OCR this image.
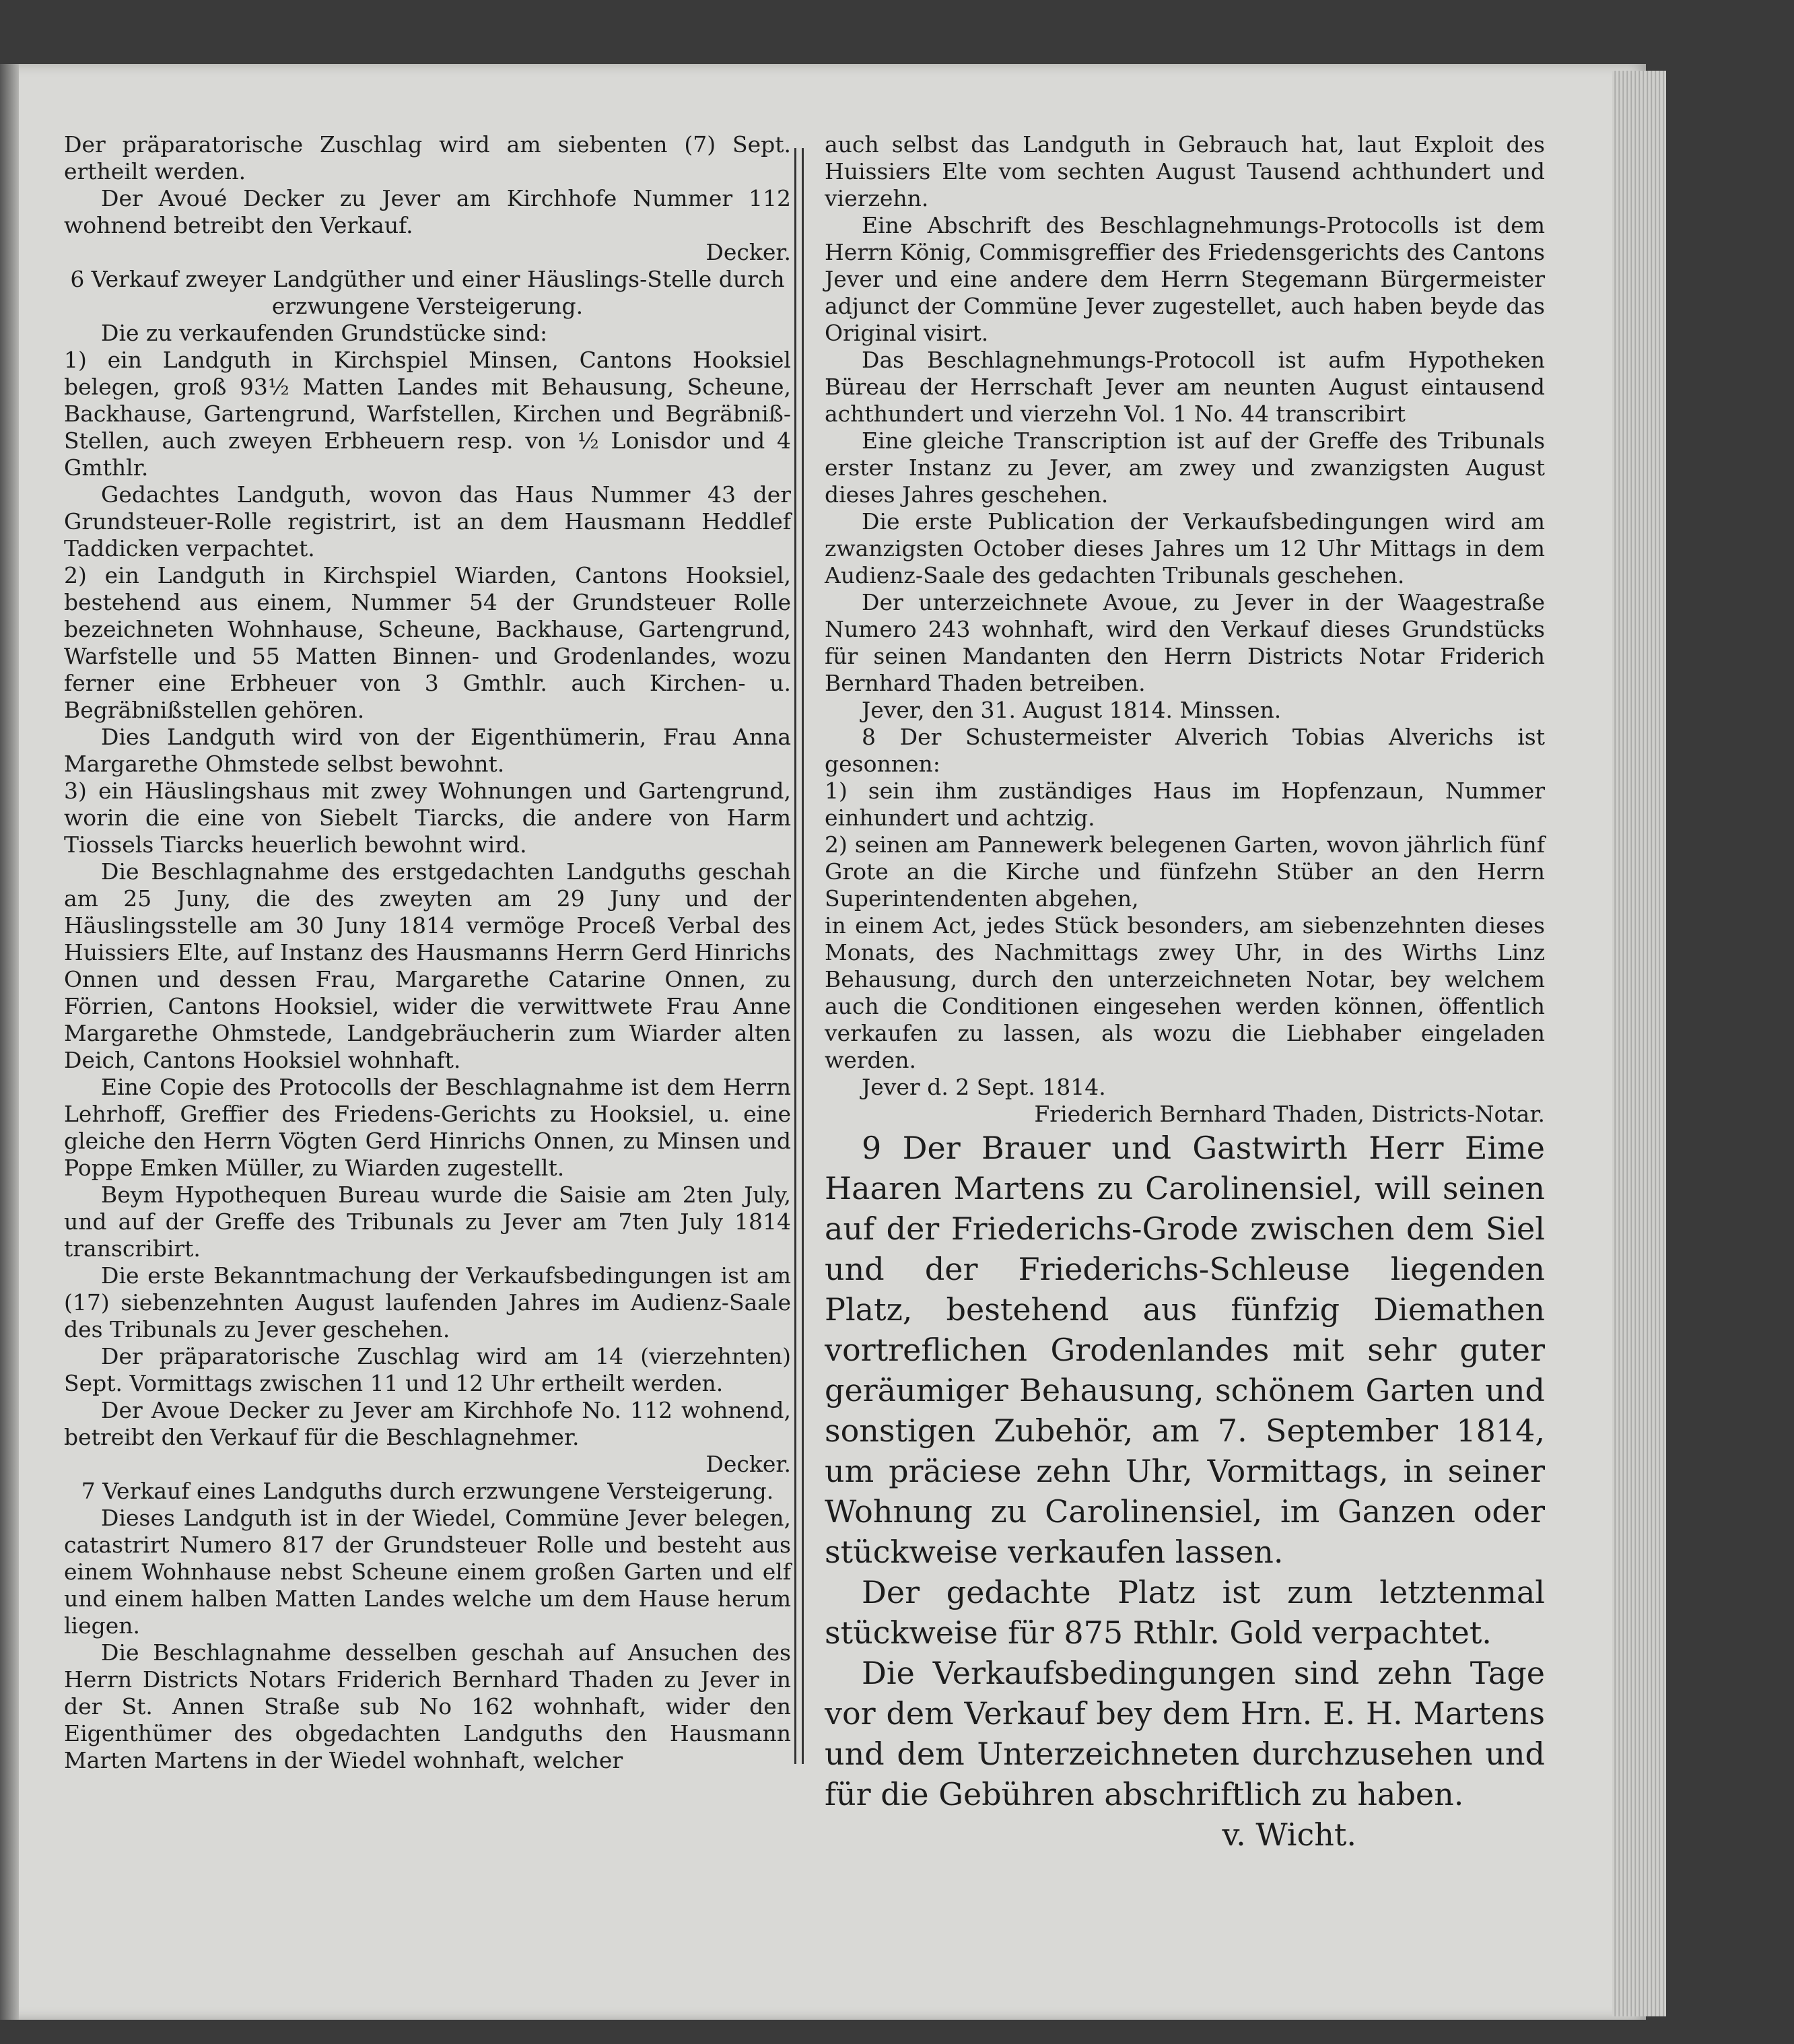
Der präparatorische Zuschlag wird am siebenten (7) Sept. ertheilt werden.

Der Avoué Decker zu Jever am Kirchhofe Nummer 112 wohnend betreibt den Verkauf.

Decker.

6 Verkauf zweyer Landgüther und einer Häuslings-Stelle durch erzwungene Versteigerung.

Die zu verkaufenden Grundstücke sind:

1) ein Landguth in Kirchspiel Minsen, Cantons Hooksiel belegen, groß 93½ Matten Landes mit Behausung, Scheune, Backhause, Gartengrund, Warfstellen, Kirchen und Begräbniß-Stellen, auch zweyen Erbheuern resp. von ½ Lonisdor und 4 Gmthlr.

Gedachtes Landguth, wovon das Haus Nummer 43 der Grundsteuer-Rolle registrirt, ist an dem Hausmann Heddlef Taddicken verpachtet.

2) ein Landguth in Kirchspiel Wiarden, Cantons Hooksiel, bestehend aus einem, Nummer 54 der Grundsteuer Rolle bezeichneten Wohnhause, Scheune, Backhause, Gartengrund, Warfstelle und 55 Matten Binnen- und Grodenlandes, wozu ferner eine Erbheuer von 3 Gmthlr. auch Kirchen- u. Begräbnißstellen gehören.

Dies Landguth wird von der Eigenthümerin, Frau Anna Margarethe Ohmstede selbst bewohnt.

3) ein Häuslingshaus mit zwey Wohnungen und Gartengrund, worin die eine von Siebelt Tiarcks, die andere von Harm Tiossels Tiarcks heuerlich bewohnt wird.

Die Beschlagnahme des erstgedachten Landguths geschah am 25 Juny, die des zweyten am 29 Juny und der Häuslingsstelle am 30 Juny 1814 vermöge Proceß Verbal des Huissiers Elte, auf Instanz des Hausmanns Herrn Gerd Hinrichs Onnen und dessen Frau, Margarethe Catarine Onnen, zu Förrien, Cantons Hooksiel, wider die verwittwete Frau Anne Margarethe Ohmstede, Landgebräucherin zum Wiarder alten Deich, Cantons Hooksiel wohnhaft.

Eine Copie des Protocolls der Beschlagnahme ist dem Herrn Lehrhoff, Greffier des Friedens-Gerichts zu Hooksiel, u. eine gleiche den Herrn Vögten Gerd Hinrichs Onnen, zu Minsen und Poppe Emken Müller, zu Wiarden zugestellt.

Beym Hypothequen Bureau wurde die Saisie am 2ten July, und auf der Greffe des Tribunals zu Jever am 7ten July 1814 transcribirt.

Die erste Bekanntmachung der Verkaufsbedingungen ist am (17) siebenzehnten August laufenden Jahres im Audienz-Saale des Tribunals zu Jever geschehen.

Der präparatorische Zuschlag wird am 14 (vierzehnten) Sept. Vormittags zwischen 11 und 12 Uhr ertheilt werden.

Der Avoue Decker zu Jever am Kirchhofe No. 112 wohnend, betreibt den Verkauf für die Beschlagnehmer.

Decker.

7 Verkauf eines Landguths durch erzwungene Versteigerung.

Dieses Landguth ist in der Wiedel, Commüne Jever belegen, catastrirt Numero 817 der Grundsteuer Rolle und besteht aus einem Wohnhause nebst Scheune einem großen Garten und elf und einem halben Matten Landes welche um dem Hause herum liegen.

Die Beschlagnahme desselben geschah auf Ansuchen des Herrn Districts Notars Friderich Bernhard Thaden zu Jever in der St. Annen Straße sub No 162 wohnhaft, wider den Eigenthümer des obgedachten Landguths den Hausmann Marten Martens in der Wiedel wohnhaft, welcher

auch selbst das Landguth in Gebrauch hat, laut Exploit des Huissiers Elte vom sechten August Tausend achthundert und vierzehn.

Eine Abschrift des Beschlagnehmungs-Protocolls ist dem Herrn König, Commisgreffier des Friedensgerichts des Cantons Jever und eine andere dem Herrn Stegemann Bürgermeister adjunct der Commüne Jever zugestellet, auch haben beyde das Original visirt.

Das Beschlagnehmungs-Protocoll ist aufm Hypotheken Büreau der Herrschaft Jever am neunten August eintausend achthundert und vierzehn Vol. 1 No. 44 transcribirt

Eine gleiche Transcription ist auf der Greffe des Tribunals erster Instanz zu Jever, am zwey und zwanzigsten August dieses Jahres geschehen.

Die erste Publication der Verkaufsbedingungen wird am zwanzigsten October dieses Jahres um 12 Uhr Mittags in dem Audienz-Saale des gedachten Tribunals geschehen.

Der unterzeichnete Avoue, zu Jever in der Waagestraße Numero 243 wohnhaft, wird den Verkauf dieses Grundstücks für seinen Mandanten den Herrn Districts Notar Friderich Bernhard Thaden betreiben.

Jever, den 31. August 1814. Minssen.

8 Der Schustermeister Alverich Tobias Alverichs ist gesonnen:

1) sein ihm zuständiges Haus im Hopfenzaun, Nummer einhundert und achtzig.

2) seinen am Pannewerk belegenen Garten, wovon jährlich fünf Grote an die Kirche und fünfzehn Stüber an den Herrn Superintendenten abgehen,

in einem Act, jedes Stück besonders, am siebenzehnten dieses Monats, des Nachmittags zwey Uhr, in des Wirths Linz Behausung, durch den unterzeichneten Notar, bey welchem auch die Conditionen eingesehen werden können, öffentlich verkaufen zu lassen, als wozu die Liebhaber eingeladen werden.

Jever d. 2 Sept. 1814.

Friederich Bernhard Thaden, Districts-Notar.

9 Der Brauer und Gastwirth Herr Eime Haaren Martens zu Carolinensiel, will seinen auf der Friederichs-Grode zwischen dem Siel und der Friederichs-Schleuse liegenden Platz, bestehend aus fünfzig Diemathen vortreflichen Grodenlandes mit sehr guter geräumiger Behausung, schönem Garten und sonstigen Zubehör, am 7. September 1814, um präciese zehn Uhr, Vormittags, in seiner Wohnung zu Carolinensiel, im Ganzen oder stückweise verkaufen lassen.

Der gedachte Platz ist zum letztenmal stückweise für 875 Rthlr. Gold verpachtet.

Die Verkaufsbedingungen sind zehn Tage vor dem Verkauf bey dem Hrn. E. H. Martens und dem Unterzeichneten durchzusehen und für die Gebühren abschriftlich zu haben.

v. Wicht.
